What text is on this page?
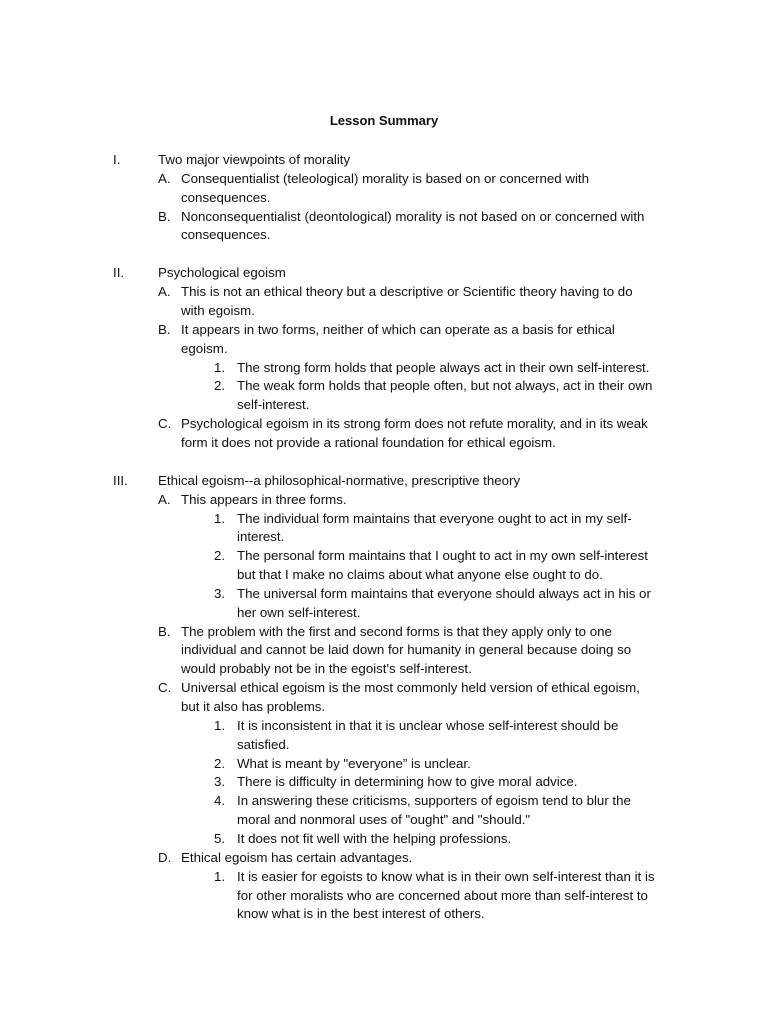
Lesson Summary
I.	Two major viewpoints of morality
A. Consequentialist (teleological) morality is based on or concerned with
consequences.
B. Nonconsequentialist (deontological) morality is not based on or concerned with
consequences.
II.	Psychological egoism
A. This is not an ethical theory but a descriptive or Scientific theory having to do
with egoism.
B. It appears in two forms, neither of which can operate as a basis for ethical
egoism.
1. The strong form holds that people always act in their own self-interest.
2. The weak form holds that people often, but not always, act in their own
self-interest.
C. Psychological egoism in its strong form does not refute morality, and in its weak
form it does not provide a rational foundation for ethical egoism.
III. Ethical egoism--a philosophical-normative, prescriptive theory
A. This appears in three forms.
1. The individual form maintains that everyone ought to act in my self-
interest.
2. The personal form maintains that I ought to act in my own self-interest
but that I make no claims about what anyone else ought to do.
3. The universal form maintains that everyone should always act in his or
her own self-interest.
B. The problem with the first and second forms is that they apply only to one
individual and cannot be laid down for humanity in general because doing so
would probably not be in the egoist's self-interest.
C. Universal ethical egoism is the most commonly held version of ethical egoism,
but it also has problems.
1. It is inconsistent in that it is unclear whose self-interest should be
satisfied.
2. What is meant by "everyone” is unclear.
3. There is difficulty in determining how to give moral advice.
4. In answering these criticisms, supporters of egoism tend to blur the
moral and nonmoral uses of "ought" and "should."
5. It does not fit well with the helping professions.
D. Ethical egoism has certain advantages.
1. It is easier for egoists to know what is in their own self-interest than it is
for other moralists who are concerned about more than self-interest to
know what is in the best interest of others.
